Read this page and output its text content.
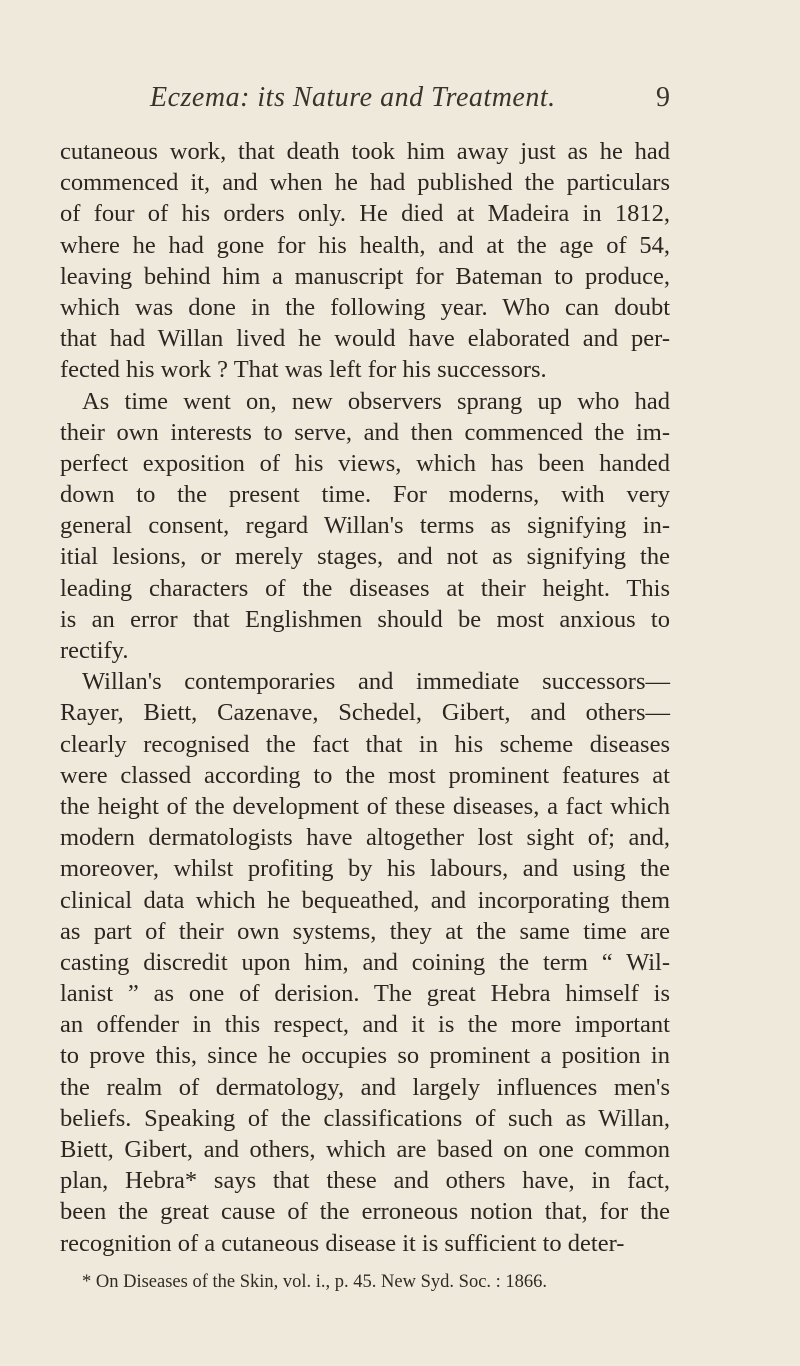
Eczema: its Nature and Treatment.	9
cutaneous work, that death took him away just as he had
commenced it, and when he had published the particulars
of four of his orders only. He died at Madeira in 1812,
where he had gone for his health, and at the age of 54,
leaving behind him a manuscript for Bateman to produce,
which was done in the following year. Who can doubt
that had Willan lived he would have elaborated and per-
fected his work ? That was left for his successors.
As time went on, new observers sprang up who had
their own interests to serve, and then commenced the im-
perfect exposition of his views, which has been handed
down to the present time. For moderns, with very
general consent, regard Willan's terms as signifying in-
itial lesions, or merely stages, and not as signifying the
leading characters of the diseases at their height. This
is an error that Englishmen should be most anxious to
rectify.
Willan's contemporaries and immediate successors—
Rayer, Biett, Cazenave, Schedel, Gibert, and others—
clearly recognised the fact that in his scheme diseases
were classed according to the most prominent features at
the height of the development of these diseases, a fact which
modern dermatologists have altogether lost sight of; and,
moreover, whilst profiting by his labours, and using the
clinical data which he bequeathed, and incorporating them
as part of their own systems, they at the same time are
casting discredit upon him, and coining the term “ Wil-
lanist ” as one of derision. The great Hebra himself is
an offender in this respect, and it is the more important
to prove this, since he occupies so prominent a position in
the realm of dermatology, and largely influences men's
beliefs. Speaking of the classifications of such as Willan,
Biett, Gibert, and others, which are based on one common
plan, Hebra* says that these and others have, in fact,
been the great cause of the erroneous notion that, for the
recognition of a cutaneous disease it is sufficient to deter-
* On Diseases of the Skin, vol. i., p. 45. New Syd. Soc. : 1866.
